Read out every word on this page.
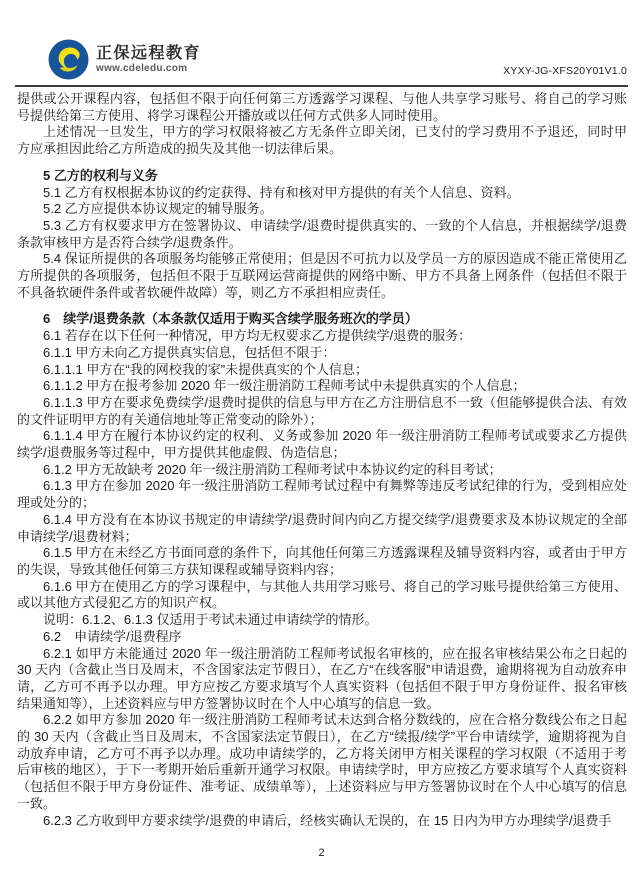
正保远程教育
www.cdeledu.com	XYXY-JG-XFS20Y01V1.0

提供或公开课程内容，包括但不限于向任何第三方透露学习课程、与他人共享学习账号、将自己的学习账号提供给第三方使用、将学习课程公开播放或以任何方式供多人同时使用。

上述情况一旦发生，甲方的学习权限将被乙方无条件立即关闭，已支付的学习费用不予退还，同时甲方应承担因此给乙方所造成的损失及其他一切法律后果。

5 乙方的权利与义务

5.1 乙方有权根据本协议的约定获得、持有和核对甲方提供的有关个人信息、资料。

5.2 乙方应提供本协议规定的辅导服务。

5.3 乙方有权要求甲方在签署协议、申请续学/退费时提供真实的、一致的个人信息，并根据续学/退费条款审核甲方是否符合续学/退费条件。

5.4 保证所提供的各项服务均能够正常使用；但是因不可抗力以及学员一方的原因造成不能正常使用乙方所提供的各项服务，包括但不限于互联网运营商提供的网络中断、甲方不具备上网条件（包括但不限于不具备软硬件条件或者软硬件故障）等，则乙方不承担相应责任。

6　续学/退费条款（本条款仅适用于购买含续学服务班次的学员）

6.1 若存在以下任何一种情况，甲方均无权要求乙方提供续学/退费的服务：

6.1.1 甲方未向乙方提供真实信息，包括但不限于：

6.1.1.1 甲方在“我的网校我的家”未提供真实的个人信息；

6.1.1.2 甲方在报考参加 2020 年一级注册消防工程师考试中未提供真实的个人信息；

6.1.1.3 甲方在要求免费续学/退费时提供的信息与甲方在乙方注册信息不一致（但能够提供合法、有效的文件证明甲方的有关通信地址等正常变动的除外）；

6.1.1.4 甲方在履行本协议约定的权利、义务或参加 2020 年一级注册消防工程师考试或要求乙方提供续学/退费服务等过程中，甲方提供其他虚假、伪造信息；

6.1.2 甲方无故缺考 2020 年一级注册消防工程师考试中本协议约定的科目考试；

6.1.3 甲方在参加 2020 年一级注册消防工程师考试过程中有舞弊等违反考试纪律的行为，受到相应处理或处分的；

6.1.4 甲方没有在本协议书规定的申请续学/退费时间内向乙方提交续学/退费要求及本协议规定的全部申请续学/退费材料；

6.1.5 甲方在未经乙方书面同意的条件下，向其他任何第三方透露课程及辅导资料内容，或者由于甲方的失误，导致其他任何第三方获知课程或辅导资料内容；

6.1.6 甲方在使用乙方的学习课程中，与其他人共用学习账号、将自己的学习账号提供给第三方使用、或以其他方式侵犯乙方的知识产权。

说明：6.1.2、6.1.3 仅适用于考试未通过申请续学的情形。

6.2　申请续学/退费程序

6.2.1 如甲方未能通过 2020 年一级注册消防工程师考试报名审核的，应在报名审核结果公布之日起的 30 天内（含截止当日及周末，不含国家法定节假日），在乙方“在线客服”申请退费，逾期将视为自动放弃申请，乙方可不再予以办理。甲方应按乙方要求填写个人真实资料（包括但不限于甲方身份证件、报名审核结果通知等），上述资料应与甲方签署协议时在个人中心填写的信息一致。

6.2.2 如甲方参加 2020 年一级注册消防工程师考试未达到合格分数线的，应在合格分数线公布之日起的 30 天内（含截止当日及周末，不含国家法定节假日），在乙方“续报/续学”平台申请续学，逾期将视为自动放弃申请，乙方可不再予以办理。成功申请续学的，乙方将关闭甲方相关课程的学习权限（不适用于考后审核的地区），于下一考期开始后重新开通学习权限。申请续学时，甲方应按乙方要求填写个人真实资料（包括但不限于甲方身份证件、准考证、成绩单等），上述资料应与甲方签署协议时在个人中心填写的信息一致。

6.2.3 乙方收到甲方要求续学/退费的申请后，经核实确认无误的，在 15 日内为甲方办理续学/退费手

2
